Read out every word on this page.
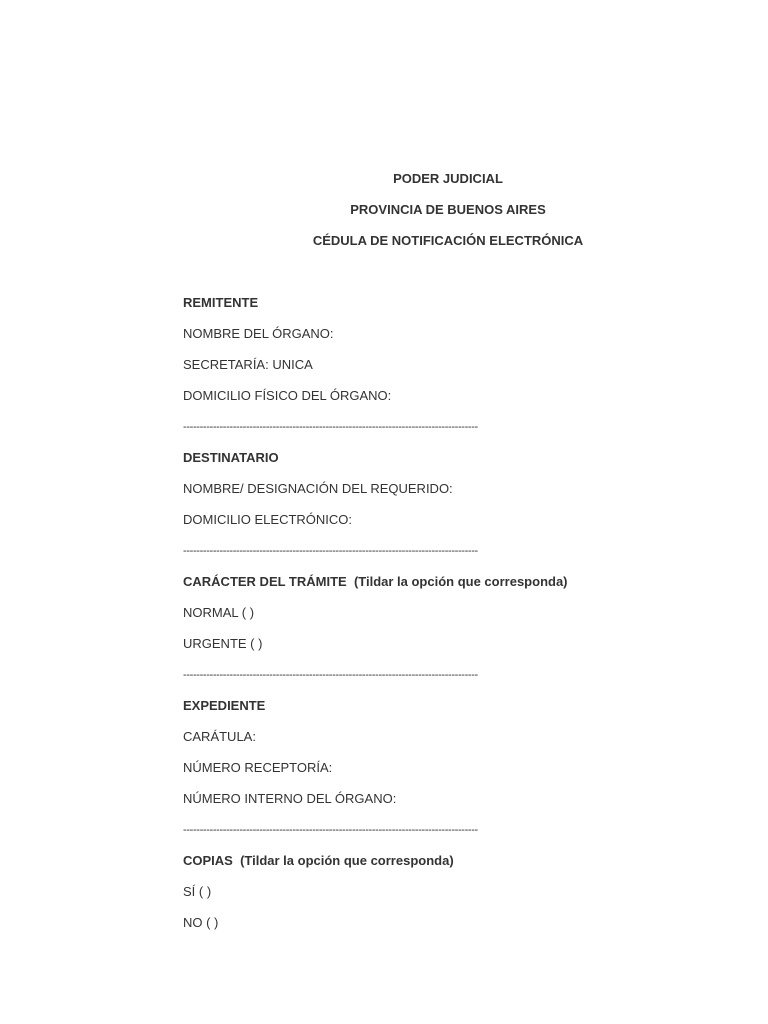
PODER JUDICIAL
PROVINCIA DE BUENOS AIRES
CÉDULA DE NOTIFICACIÓN ELECTRÓNICA
REMITENTE
NOMBRE DEL ÓRGANO:
SECRETARÍA: UNICA
DOMICILIO FÍSICO DEL ÓRGANO:
-----------------------------------------------------------------------------------------
DESTINATARIO
NOMBRE/ DESIGNACIÓN DEL REQUERIDO:
DOMICILIO ELECTRÓNICO:
-----------------------------------------------------------------------------------------
CARÁCTER DEL TRÁMITE (Tildar la opción que corresponda)
NORMAL ( )
URGENTE ( )
-----------------------------------------------------------------------------------------
EXPEDIENTE
CARÁTULA:
NÚMERO RECEPTORÍA:
NÚMERO INTERNO DEL ÓRGANO:
-----------------------------------------------------------------------------------------
COPIAS (Tildar la opción que corresponda)
SÍ ( )
NO ( )
